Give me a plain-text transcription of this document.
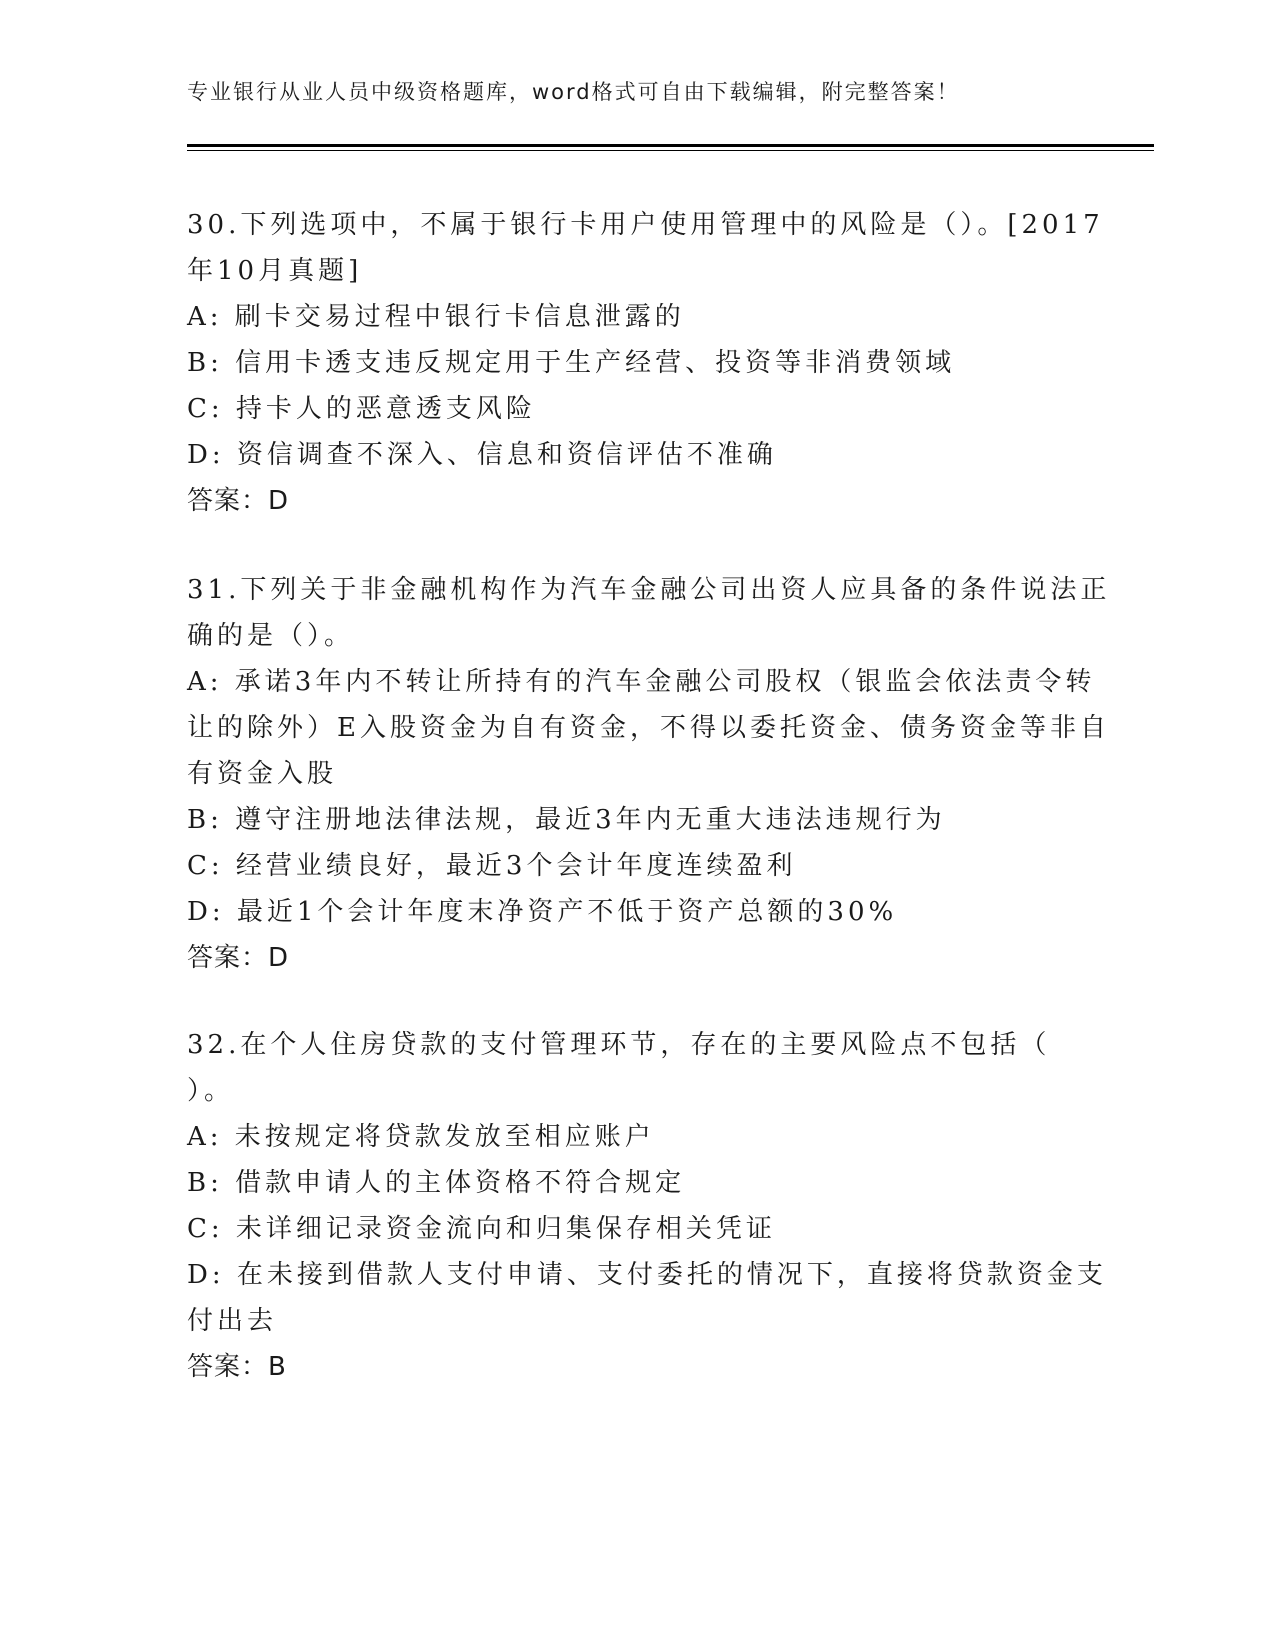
专业银行从业人员中级资格题库，word格式可自由下载编辑，附完整答案！
30.下列选项中，不属于银行卡用户使用管理中的风险是（）。[2017
年10月真题]
A: 刷卡交易过程中银行卡信息泄露的
B: 信用卡透支违反规定用于生产经营、投资等非消费领域
C: 持卡人的恶意透支风险
D: 资信调查不深入、信息和资信评估不准确
答案：D
31.下列关于非金融机构作为汽车金融公司出资人应具备的条件说法正
确的是（）。
A: 承诺3年内不转让所持有的汽车金融公司股权（银监会依法责令转
让的除外）E入股资金为自有资金，不得以委托资金、债务资金等非自
有资金入股
B: 遵守注册地法律法规，最近3年内无重大违法违规行为
C: 经营业绩良好，最近3个会计年度连续盈利
D: 最近1个会计年度末净资产不低于资产总额的30%
答案：D
32.在个人住房贷款的支付管理环节，存在的主要风险点不包括（
）。
A: 未按规定将贷款发放至相应账户
B: 借款申请人的主体资格不符合规定
C: 未详细记录资金流向和归集保存相关凭证
D: 在未接到借款人支付申请、支付委托的情况下，直接将贷款资金支
付出去
答案：B
